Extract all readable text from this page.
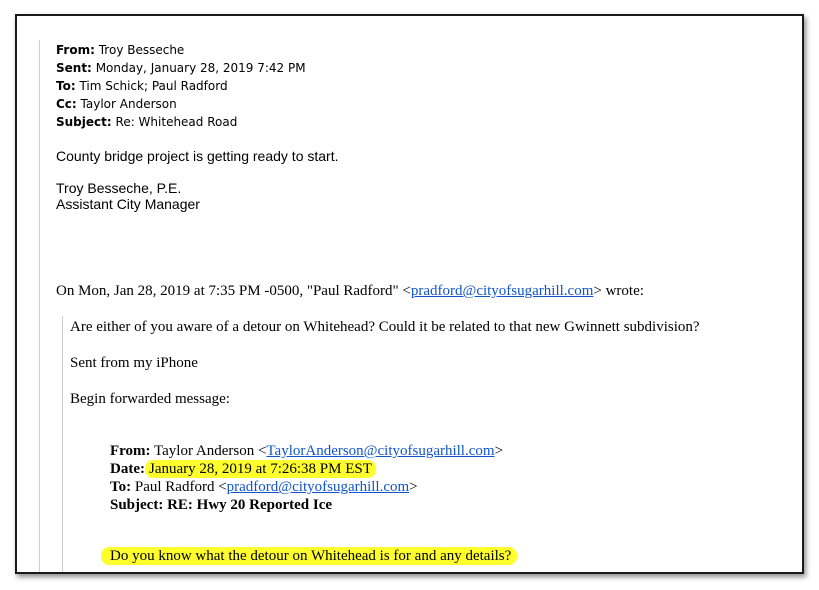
From: Troy Besseche
Sent: Monday, January 28, 2019 7:42 PM
To: Tim Schick; Paul Radford
Cc: Taylor Anderson
Subject: Re: Whitehead Road
County bridge project is getting ready to start.
Troy Besseche, P.E.
Assistant City Manager
On Mon, Jan 28, 2019 at 7:35 PM -0500, "Paul Radford" <pradford@cityofsugarhill.com> wrote:
Are either of you aware of a detour on Whitehead? Could it be related to that new Gwinnett subdivision?
Sent from my iPhone
Begin forwarded message:
From: Taylor Anderson <TaylorAnderson@cityofsugarhill.com>
Date: January 28, 2019 at 7:26:38 PM EST
To: Paul Radford <pradford@cityofsugarhill.com>
Subject: RE: Hwy 20 Reported Ice
Do you know what the detour on Whitehead is for and any details?
